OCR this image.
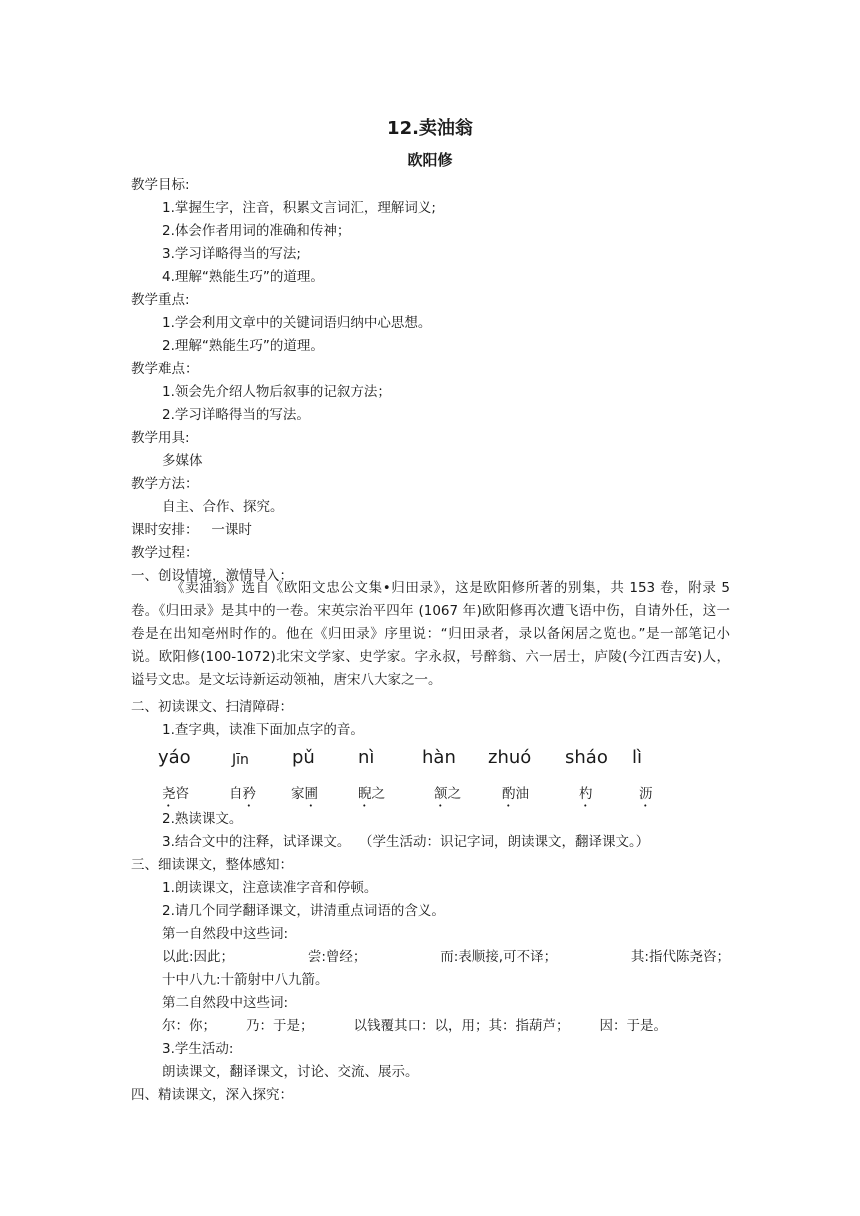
12.卖油翁
欧阳修
教学目标:
1.掌握生字，注音，积累文言词汇，理解词义;
2.体会作者用词的准确和传神；
3.学习详略得当的写法;
4.理解“熟能生巧”的道理。
教学重点:
1.学会利用文章中的关键词语归纳中心思想。
2.理解“熟能生巧”的道理。
教学难点：
1.领会先介绍人物后叙事的记叙方法；
2.学习详略得当的写法。
教学用具:
多媒体
教学方法：
自主、合作、探究。
课时安排：   一课时
教学过程：
一、创设情境，激情导入：
《卖油翁》选自《欧阳文忠公文集•归田录》，这是欧阳修所著的别集，共 153 卷，附录 5 卷。《归田录》是其中的一卷。宋英宗治平四年 (1067 年)欧阳修再次遭飞语中伤，自请外任，这一卷是在出知亳州时作的。他在《归田录》序里说：“归田录者，录以备闲居之览也。”是一部笔记小说。欧阳修(100-1072)北宋文学家、史学家。字永叔，号醉翁、六一居士，庐陵(今江西吉安)人，谥号文忠。是文坛诗新运动领袖，唐宋八大家之一。
二、初读课文、扫清障碍：
1.查字典，读准下面加点字的音。
yáo	Jīn pǔ nì	hàn zhuó sháo lì
尧咨	自矜	家圃	睨之	颔之	酌油	杓	沥
2.熟读课文。
3.结合文中的注释，试译课文。  （学生活动：识记字词，朗读课文，翻译课文。）
三、细读课文，整体感知：
1.朗读课文，注意读准字音和停顿。
2.请几个同学翻译课文，讲清重点词语的含义。
第一自然段中这些词:
以此:因此；	尝:曾经；	而:表顺接,可不译；	其:指代陈尧咨；
十中八九:十箭射中八九箭。
第二自然段中这些词:
尔：你； 乃：于是；	以钱覆其口：以，用；其：指葫芦； 因：于是。
3.学生活动:
朗读课文，翻译课文，讨论、交流、展示。
四、精读课文，深入探究：
